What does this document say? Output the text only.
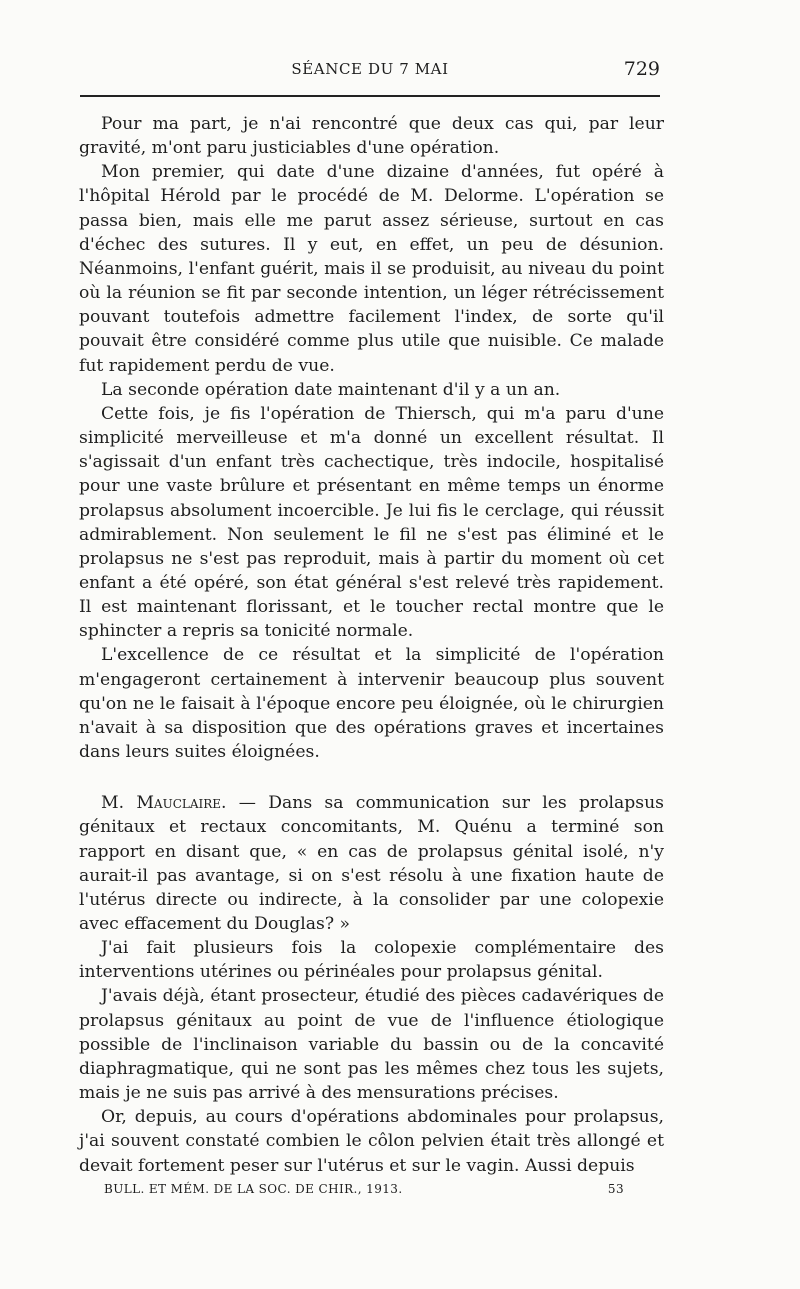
SÉANCE DU 7 MAI	729

Pour ma part, je n'ai rencontré que deux cas qui, par leur gravité, m'ont paru justiciables d'une opération.

Mon premier, qui date d'une dizaine d'années, fut opéré à l'hôpital Hérold par le procédé de M. Delorme. L'opération se passa bien, mais elle me parut assez sérieuse, surtout en cas d'échec des sutures. Il y eut, en effet, un peu de désunion. Néanmoins, l'enfant guérit, mais il se produisit, au niveau du point où la réunion se fit par seconde intention, un léger rétrécissement pouvant toutefois admettre facilement l'index, de sorte qu'il pouvait être considéré comme plus utile que nuisible. Ce malade fut rapidement perdu de vue.

La seconde opération date maintenant d'il y a un an.

Cette fois, je fis l'opération de Thiersch, qui m'a paru d'une simplicité merveilleuse et m'a donné un excellent résultat. Il s'agissait d'un enfant très cachectique, très indocile, hospitalisé pour une vaste brûlure et présentant en même temps un énorme prolapsus absolument incoercible. Je lui fis le cerclage, qui réussit admirablement. Non seulement le fil ne s'est pas éliminé et le prolapsus ne s'est pas reproduit, mais à partir du moment où cet enfant a été opéré, son état général s'est relevé très rapidement. Il est maintenant florissant, et le toucher rectal montre que le sphincter a repris sa tonicité normale.

L'excellence de ce résultat et la simplicité de l'opération m'engageront certainement à intervenir beaucoup plus souvent qu'on ne le faisait à l'époque encore peu éloignée, où le chirurgien n'avait à sa disposition que des opérations graves et incertaines dans leurs suites éloignées.

M. Mauclaire. — Dans sa communication sur les prolapsus génitaux et rectaux concomitants, M. Quénu a terminé son rapport en disant que, « en cas de prolapsus génital isolé, n'y aurait-il pas avantage, si on s'est résolu à une fixation haute de l'utérus directe ou indirecte, à la consolider par une colopexie avec effacement du Douglas? »

J'ai fait plusieurs fois la colopexie complémentaire des interventions utérines ou périnéales pour prolapsus génital.

J'avais déjà, étant prosecteur, étudié des pièces cadavériques de prolapsus génitaux au point de vue de l'influence étiologique possible de l'inclinaison variable du bassin ou de la concavité diaphragmatique, qui ne sont pas les mêmes chez tous les sujets, mais je ne suis pas arrivé à des mensurations précises.

Or, depuis, au cours d'opérations abdominales pour prolapsus, j'ai souvent constaté combien le côlon pelvien était très allongé et devait fortement peser sur l'utérus et sur le vagin. Aussi depuis

BULL. ET MÉM. DE LA SOC. DE CHIR., 1913.	53
